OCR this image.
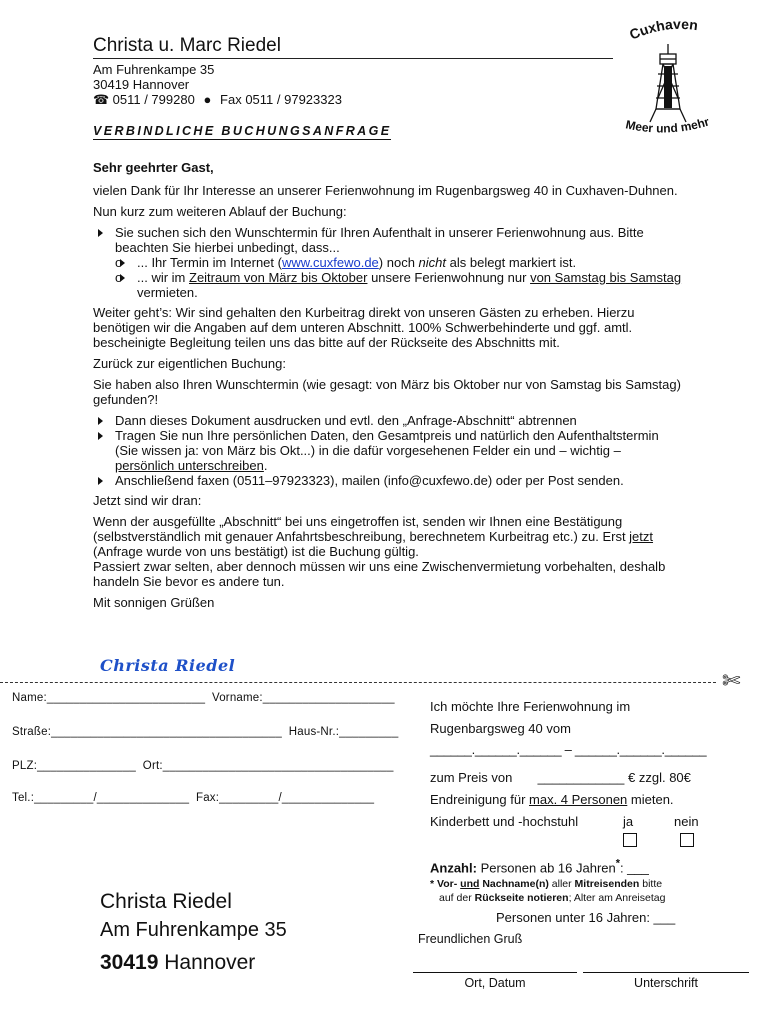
Christa u. Marc Riedel
Am Fuhrenkampe 35
30419 Hannover
☎ 0511 / 799280 ● Fax 0511 / 97923323
VERBINDLICHE BUCHUNGSANFRAGE
Cuxhaven
Meer und mehr

Sehr geehrter Gast,

vielen Dank für Ihr Interesse an unserer Ferienwohnung im Rugenbargsweg 40 in Cuxhaven-Duhnen.

Nun kurz zum weiteren Ablauf der Buchung:

Sie suchen sich den Wunschtermin für Ihren Aufenthalt in unserer Ferienwohnung aus. Bitte beachten Sie hierbei unbedingt, dass...
o ... Ihr Termin im Internet (www.cuxfewo.de) noch nicht als belegt markiert ist.
o ... wir im Zeitraum von März bis Oktober unsere Ferienwohnung nur von Samstag bis Samstag vermieten.

Weiter geht’s: Wir sind gehalten den Kurbeitrag direkt von unseren Gästen zu erheben. Hierzu benötigen wir die Angaben auf dem unteren Abschnitt. 100% Schwerbehinderte und ggf. amtl. bescheinigte Begleitung teilen uns das bitte auf der Rückseite des Abschnitts mit.

Zurück zur eigentlichen Buchung:

Sie haben also Ihren Wunschtermin (wie gesagt: von März bis Oktober nur von Samstag bis Samstag) gefunden?!

Dann dieses Dokument ausdrucken und evtl. den „Anfrage-Abschnitt“ abtrennen
Tragen Sie nun Ihre persönlichen Daten, den Gesamtpreis und natürlich den Aufenthaltstermin (Sie wissen ja: von März bis Okt...) in die dafür vorgesehenen Felder ein und – wichtig – persönlich unterschreiben.
Anschließend faxen (0511–97923323), mailen (info@cuxfewo.de) oder per Post senden.

Jetzt sind wir dran:

Wenn der ausgefüllte „Abschnitt“ bei uns eingetroffen ist, senden wir Ihnen eine Bestätigung (selbstverständlich mit genauer Anfahrtsbeschreibung, berechnetem Kurbeitrag etc.) zu. Erst jetzt (Anfrage wurde von uns bestätigt) ist die Buchung gültig.

Passiert zwar selten, aber dennoch müssen wir uns eine Zwischenvermietung vorbehalten, deshalb handeln Sie bevor es andere tun.

Mit sonnigen Grüßen

Christa Riedel
✄
Name:________________________  Vorname:____________________
Straße:___________________________________  Haus-Nr.:_________
PLZ:_______________  Ort:___________________________________
Tel.:_________/______________  Fax:_________/______________
Ich möchte Ihre Ferienwohnung im
Rugenbargsweg 40 vom
______.______.______ – ______.______.______
zum Preis von ____________ € zzgl. 80€
Endreinigung für max. 4 Personen mieten.
Kinderbett und -hochstuhl	ja	nein
Anzahl: Personen ab 16 Jahren*: ___
* Vor- und Nachname(n) aller Mitreisenden bitte
auf der Rückseite notieren; Alter am Anreisetag
Personen unter 16 Jahren: ___
Freundlichen Gruß
Ort, Datum	Unterschrift
Christa Riedel
Am Fuhrenkampe 35
30419 Hannover
